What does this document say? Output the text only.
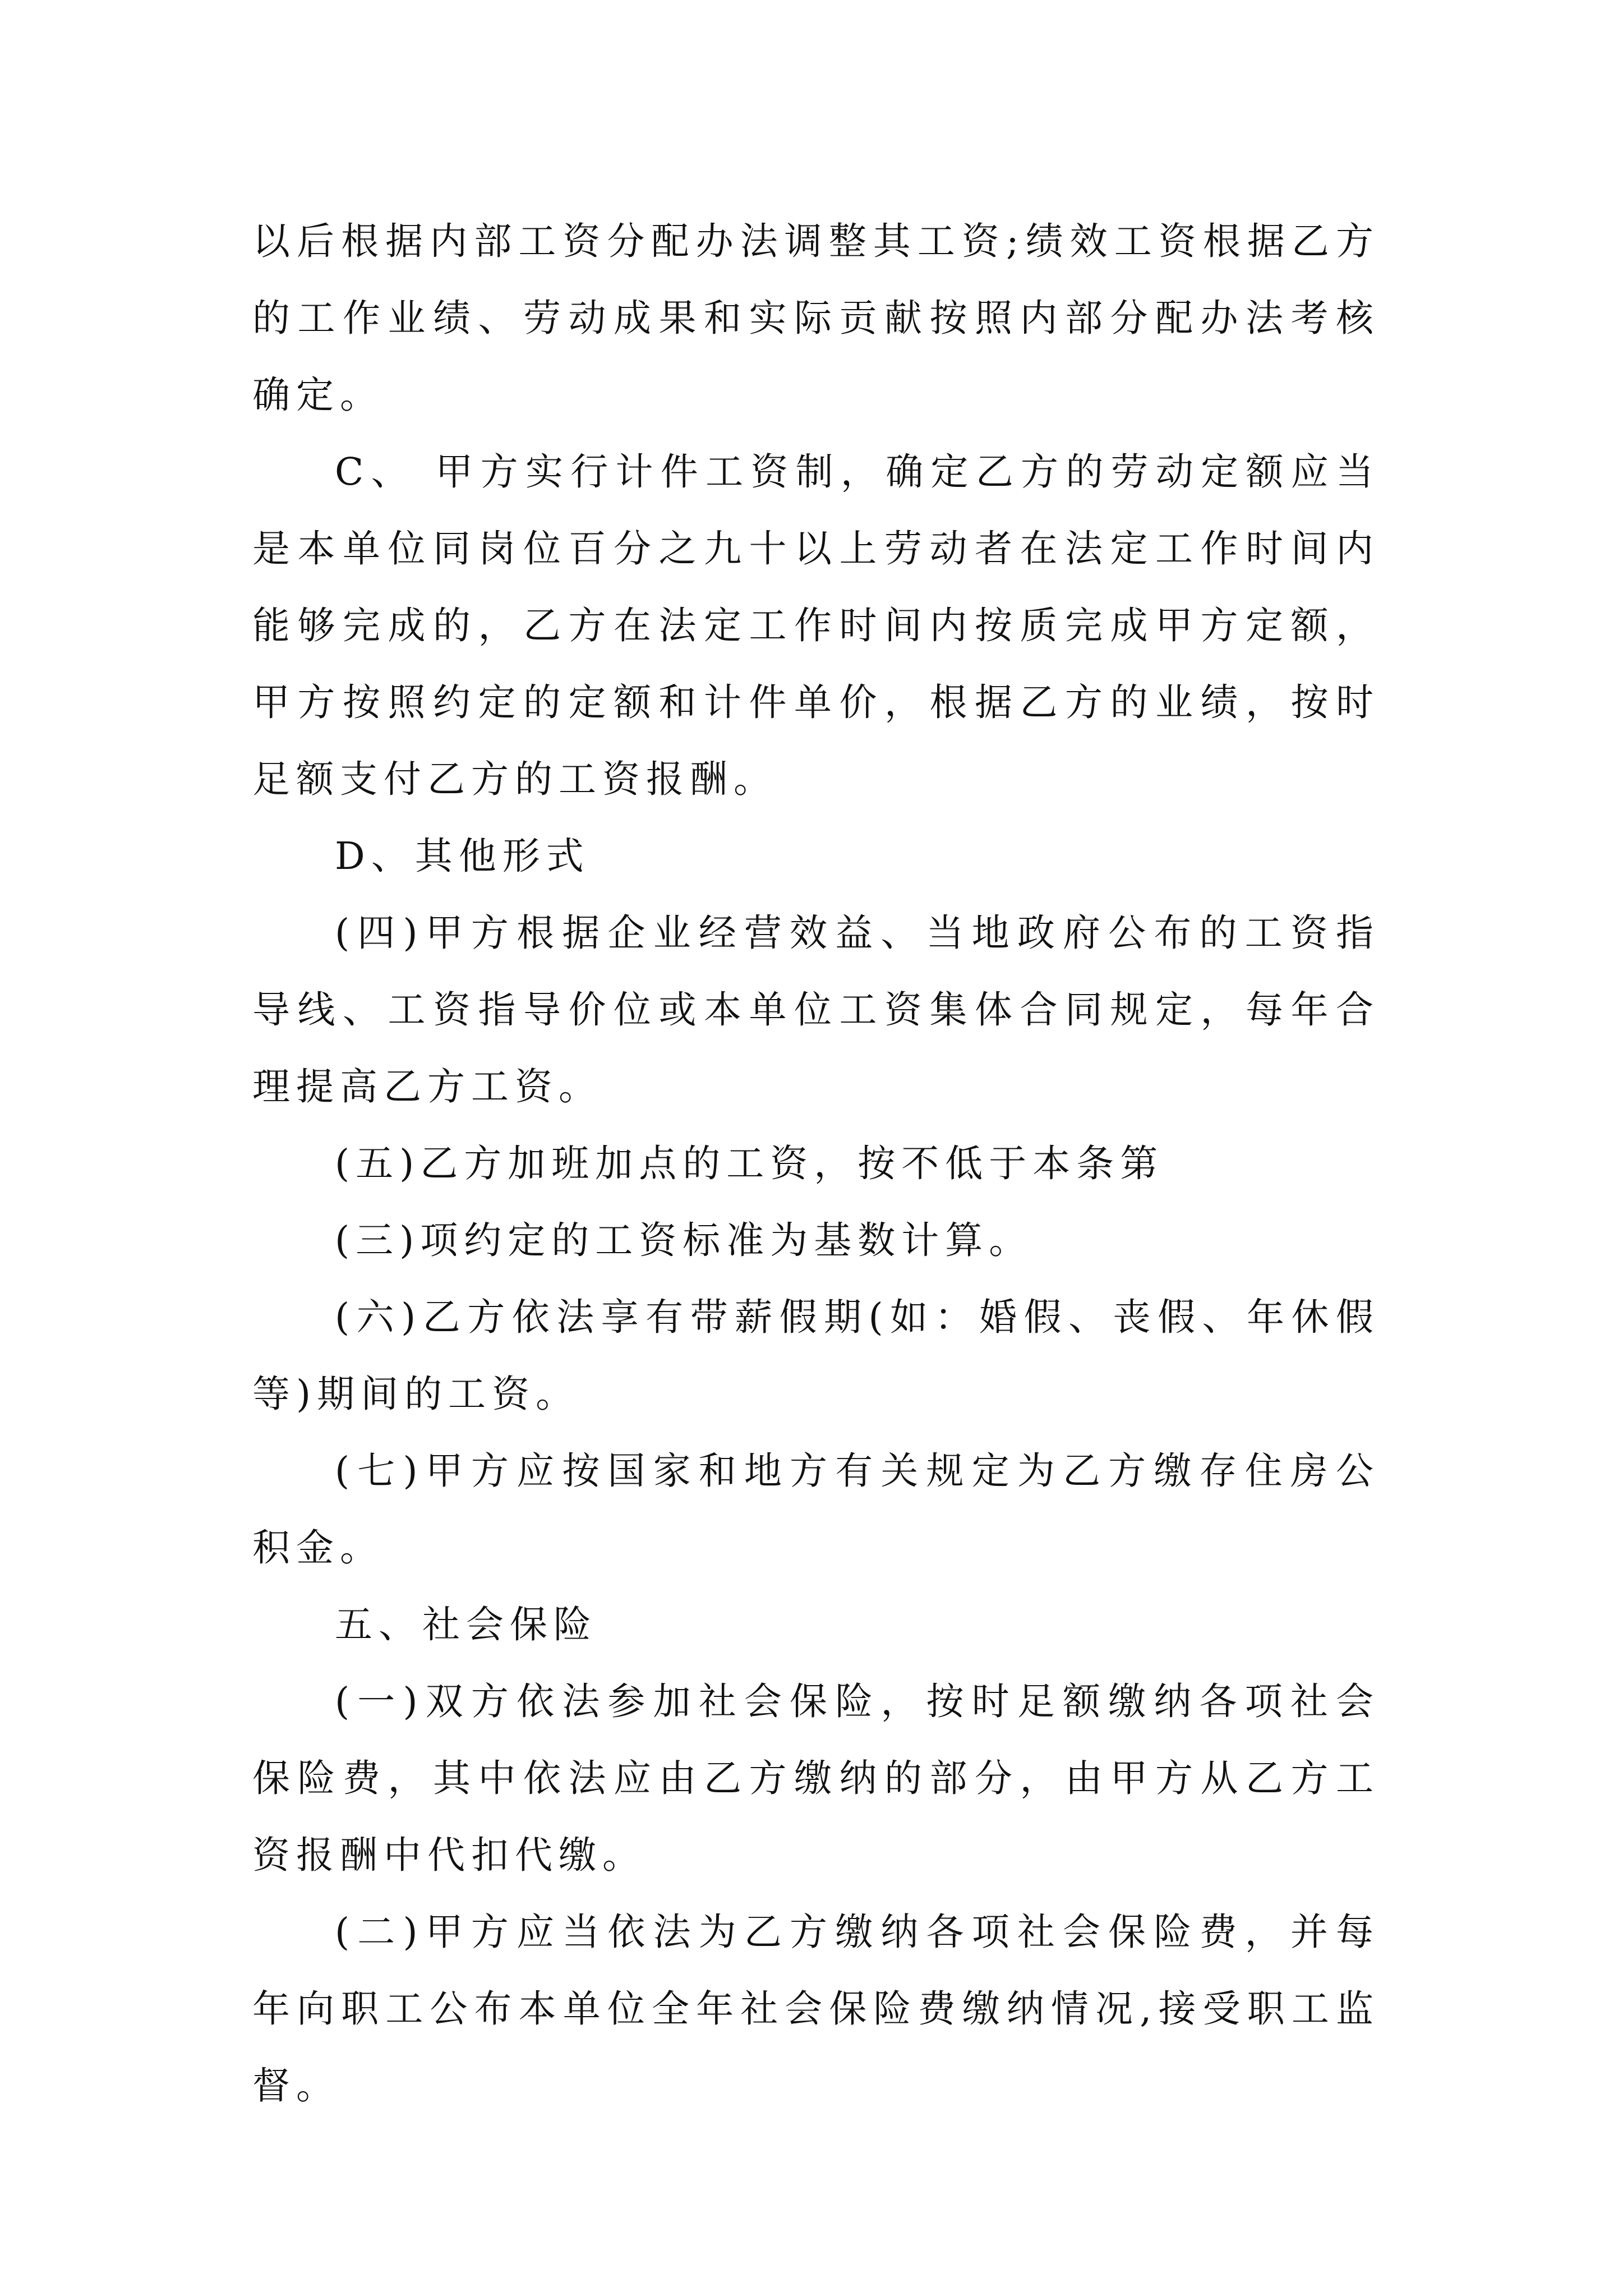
以后根据内部工资分配办法调整其工资;绩效工资根据乙方的工作业绩、劳动成果和实际贡献按照内部分配办法考核确定。

C、 甲方实行计件工资制，确定乙方的劳动定额应当是本单位同岗位百分之九十以上劳动者在法定工作时间内能够完成的，乙方在法定工作时间内按质完成甲方定额，甲方按照约定的定额和计件单价，根据乙方的业绩，按时足额支付乙方的工资报酬。

D、其他形式

(四)甲方根据企业经营效益、当地政府公布的工资指导线、工资指导价位或本单位工资集体合同规定，每年合理提高乙方工资。

(五)乙方加班加点的工资，按不低于本条第

(三)项约定的工资标准为基数计算。

(六)乙方依法享有带薪假期(如：婚假、丧假、年休假等)期间的工资。

(七)甲方应按国家和地方有关规定为乙方缴存住房公积金。

五、社会保险

(一)双方依法参加社会保险，按时足额缴纳各项社会保险费，其中依法应由乙方缴纳的部分，由甲方从乙方工资报酬中代扣代缴。

(二)甲方应当依法为乙方缴纳各项社会保险费，并每年向职工公布本单位全年社会保险费缴纳情况,接受职工监督。
